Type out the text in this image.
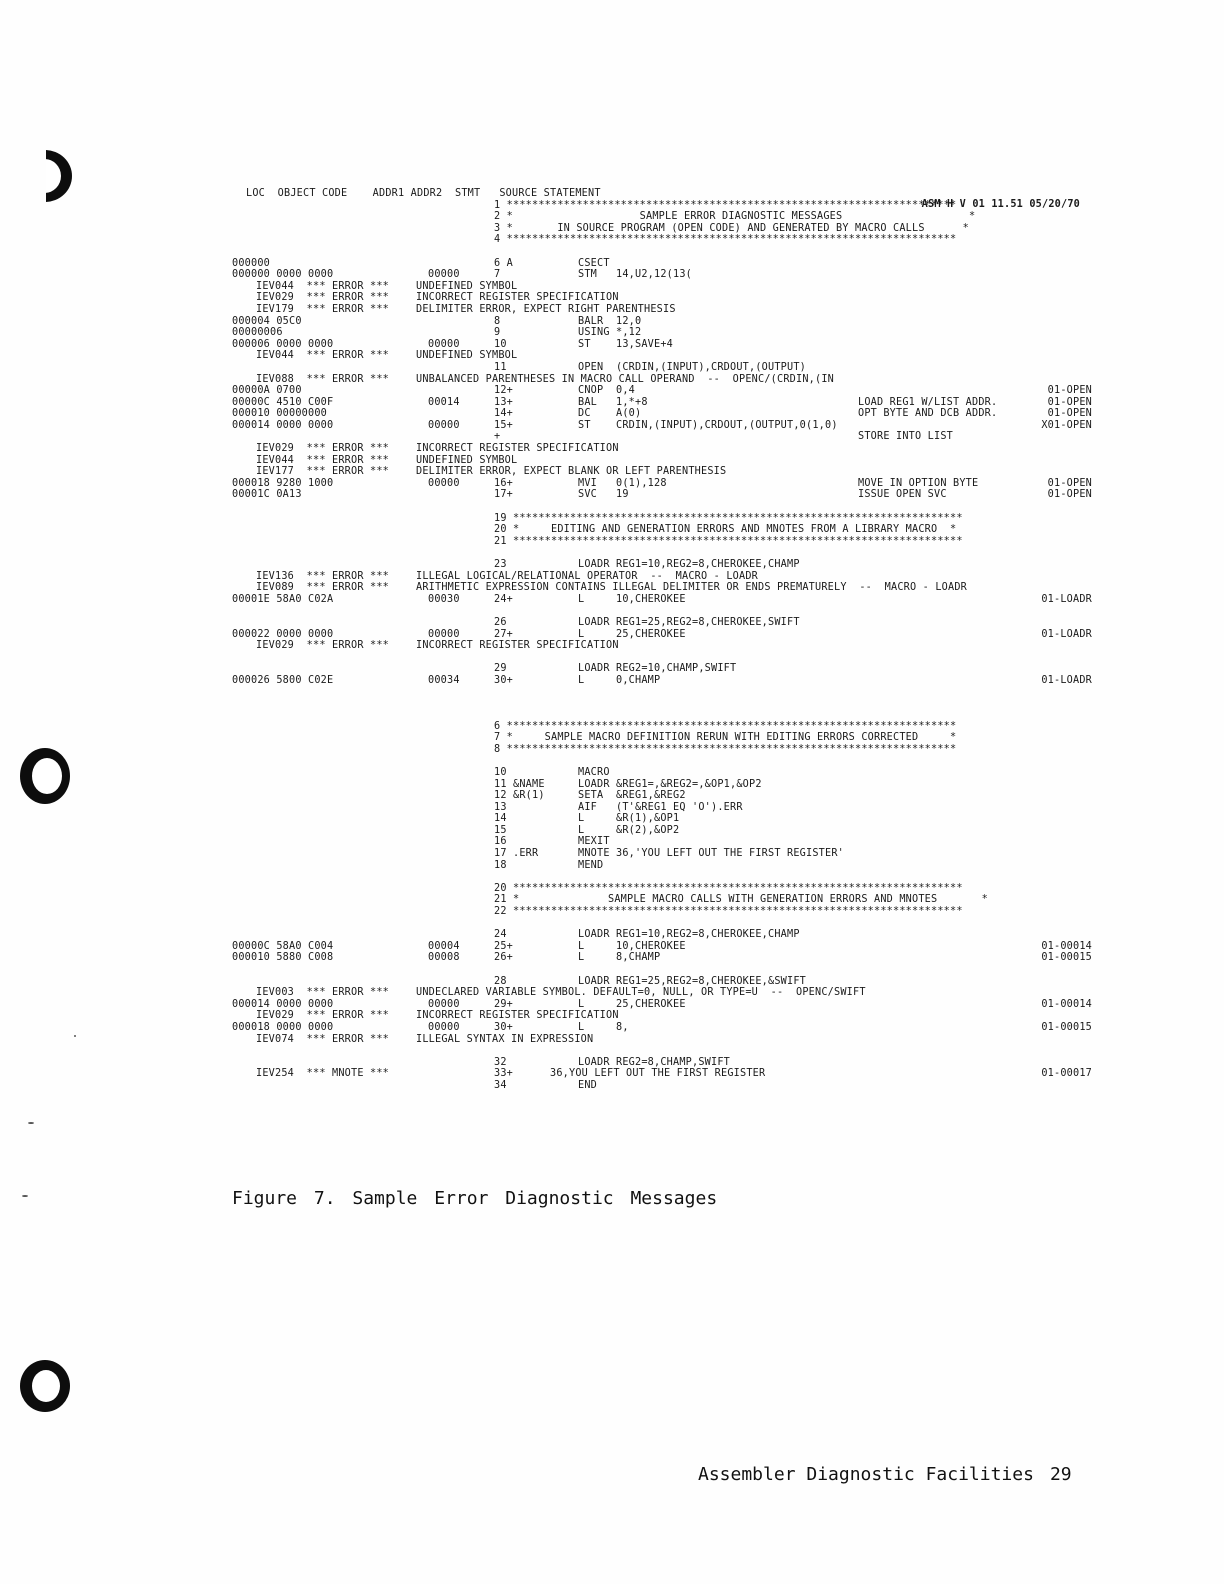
LOC  OBJECT CODE    ADDR1 ADDR2  STMT   SOURCE STATEMENT

ASM H V 01 11.51 05/20/70

1 ***********************************************************************
2 *                    SAMPLE ERROR DIAGNOSTIC MESSAGES                    *
3 *       IN SOURCE PROGRAM (OPEN CODE) AND GENERATED BY MACRO CALLS      *
4 ***********************************************************************
000000	6 A	CSECT
000000 0000 0000	00000	7	STM   14,U2,12(13(
IEV044  *** ERROR ***	UNDEFINED SYMBOL
IEV029  *** ERROR ***	INCORRECT REGISTER SPECIFICATION
IEV179  *** ERROR ***	DELIMITER ERROR, EXPECT RIGHT PARENTHESIS
000004 05C0	8	BALR  12,0
00000006	9	USING *,12
000006 0000 0000	00000	10	ST    13,SAVE+4
IEV044  *** ERROR ***	UNDEFINED SYMBOL
11	OPEN  (CRDIN,(INPUT),CRDOUT,(OUTPUT)
IEV088  *** ERROR ***	UNBALANCED PARENTHESES IN MACRO CALL OPERAND  --  OPENC/(CRDIN,(IN
00000A 0700	12+	CNOP  0,4	01-OPEN
00000C 4510 C00F	00014	13+	BAL   1,*+8	LOAD REG1 W/LIST ADDR.	01-OPEN
000010 00000000	14+	DC    A(0)	OPT BYTE AND DCB ADDR.	01-OPEN
000014 0000 0000	00000	15+	ST    CRDIN,(INPUT),CRDOUT,(OUTPUT,0(1,0)	X01-OPEN
+	STORE INTO LIST
IEV029  *** ERROR ***	INCORRECT REGISTER SPECIFICATION
IEV044  *** ERROR ***	UNDEFINED SYMBOL
IEV177  *** ERROR ***	DELIMITER ERROR, EXPECT BLANK OR LEFT PARENTHESIS
000018 9280 1000	00000	16+	MVI   0(1),128	MOVE IN OPTION BYTE	01-OPEN
00001C 0A13	17+	SVC   19	ISSUE OPEN SVC	01-OPEN
19 ***********************************************************************
20 *     EDITING AND GENERATION ERRORS AND MNOTES FROM A LIBRARY MACRO  *
21 ***********************************************************************
23	LOADR REG1=10,REG2=8,CHEROKEE,CHAMP
IEV136  *** ERROR ***	ILLEGAL LOGICAL/RELATIONAL OPERATOR  --  MACRO - LOADR
IEV089  *** ERROR ***	ARITHMETIC EXPRESSION CONTAINS ILLEGAL DELIMITER OR ENDS PREMATURELY  --  MACRO - LOADR
00001E 58A0 C02A	00030	24+	L     10,CHEROKEE	01-LOADR
26	LOADR REG1=25,REG2=8,CHEROKEE,SWIFT
000022 0000 0000	00000	27+	L     25,CHEROKEE	01-LOADR
IEV029  *** ERROR ***	INCORRECT REGISTER SPECIFICATION
29	LOADR REG2=10,CHAMP,SWIFT
000026 5800 C02E	00034	30+	L     0,CHAMP	01-LOADR
6 ***********************************************************************
7 *     SAMPLE MACRO DEFINITION RERUN WITH EDITING ERRORS CORRECTED     *
8 ***********************************************************************
10	MACRO
11 &NAME	LOADR &REG1=,&REG2=,&OP1,&OP2
12 &R(1)	SETA  &REG1,&REG2
13	AIF   (T'&REG1 EQ 'O').ERR
14	L     &R(1),&OP1
15	L     &R(2),&OP2
16	MEXIT
17 .ERR	MNOTE 36,'YOU LEFT OUT THE FIRST REGISTER'
18	MEND
20 ***********************************************************************
21 *              SAMPLE MACRO CALLS WITH GENERATION ERRORS AND MNOTES       *
22 ***********************************************************************
24	LOADR REG1=10,REG2=8,CHEROKEE,CHAMP
00000C 58A0 C004	00004	25+	L     10,CHEROKEE	01-00014
000010 5880 C008	00008	26+	L     8,CHAMP	01-00015
28	LOADR REG1=25,REG2=8,CHEROKEE,&SWIFT
IEV003  *** ERROR ***	UNDECLARED VARIABLE SYMBOL. DEFAULT=0, NULL, OR TYPE=U  --  OPENC/SWIFT
000014 0000 0000	00000	29+	L     25,CHEROKEE	01-00014
IEV029  *** ERROR ***	INCORRECT REGISTER SPECIFICATION
000018 0000 0000	00000	30+	L     8,	01-00015
IEV074  *** ERROR ***	ILLEGAL SYNTAX IN EXPRESSION
32	LOADR REG2=8,CHAMP,SWIFT
IEV254  *** MNOTE ***	33+	36,YOU LEFT OUT THE FIRST REGISTER	01-00017
34	END
Figure 7. Sample Error Diagnostic Messages
Assembler Diagnostic Facilities 29
